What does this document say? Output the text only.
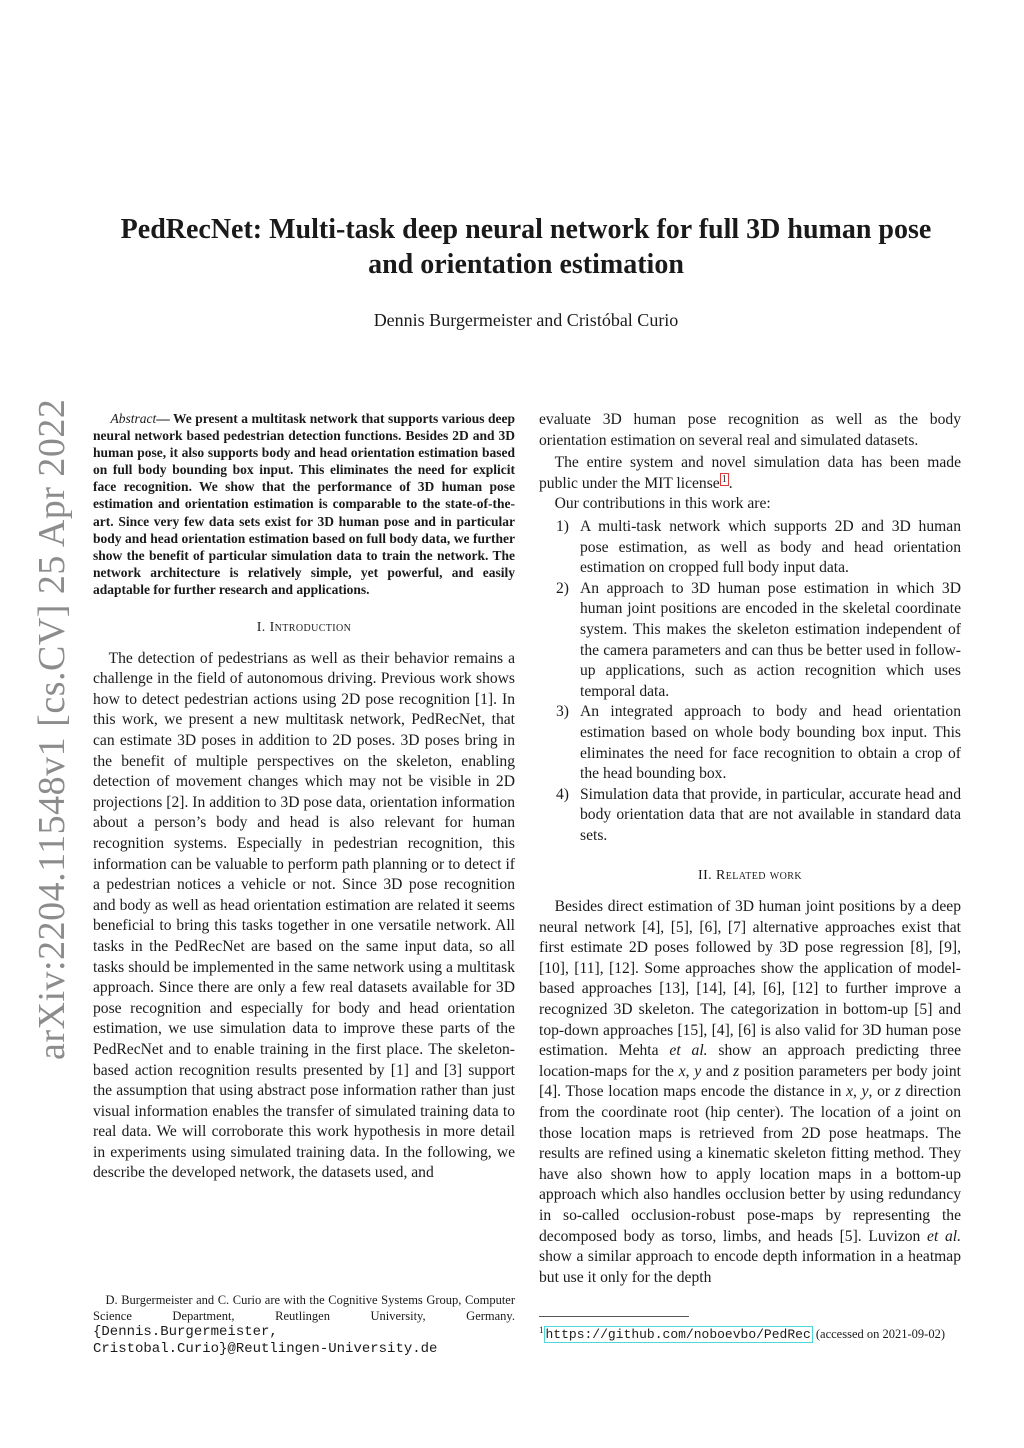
arXiv:2204.11548v1 [cs.CV] 25 Apr 2022
PedRecNet: Multi-task deep neural network for full 3D human pose and orientation estimation
Dennis Burgermeister and Cristóbal Curio

Abstract— We present a multitask network that supports various deep neural network based pedestrian detection functions. Besides 2D and 3D human pose, it also supports body and head orientation estimation based on full body bounding box input. This eliminates the need for explicit face recognition. We show that the performance of 3D human pose estimation and orientation estimation is comparable to the state-of-the-art. Since very few data sets exist for 3D human pose and in particular body and head orientation estimation based on full body data, we further show the benefit of particular simulation data to train the network. The network architecture is relatively simple, yet powerful, and easily adaptable for further research and applications.

I. Introduction

The detection of pedestrians as well as their behavior remains a challenge in the field of autonomous driving. Previous work shows how to detect pedestrian actions using 2D pose recognition [1]. In this work, we present a new multitask network, PedRecNet, that can estimate 3D poses in addition to 2D poses. 3D poses bring in the benefit of multiple perspectives on the skeleton, enabling detection of movement changes which may not be visible in 2D projections [2]. In addition to 3D pose data, orientation information about a person’s body and head is also relevant for human recognition systems. Especially in pedestrian recognition, this information can be valuable to perform path planning or to detect if a pedestrian notices a vehicle or not. Since 3D pose recognition and body as well as head orientation estimation are related it seems beneficial to bring this tasks together in one versatile network. All tasks in the PedRecNet are based on the same input data, so all tasks should be implemented in the same network using a multitask approach. Since there are only a few real datasets available for 3D pose recognition and especially for body and head orientation estimation, we use simulation data to improve these parts of the PedRecNet and to enable training in the first place. The skeleton-based action recognition results presented by [1] and [3] support the assumption that using abstract pose information rather than just visual information enables the transfer of simulated training data to real data. We will corroborate this work hypothesis in more detail in experiments using simulated training data. In the following, we describe the developed network, the datasets used, and

D. Burgermeister and C. Curio are with the Cognitive Systems Group, Computer Science Department, Reutlingen University, Germany. {Dennis.Burgermeister, Cristobal.Curio}@Reutlingen-University.de

evaluate 3D human pose recognition as well as the body orientation estimation on several real and simulated datasets.

The entire system and novel simulation data has been made public under the MIT license $^1$ .

Our contributions in this work are:

1) A multi-task network which supports 2D and 3D human pose estimation, as well as body and head orientation estimation on cropped full body input data.
2) An approach to 3D human pose estimation in which 3D human joint positions are encoded in the skeletal coordinate system. This makes the skeleton estimation independent of the camera parameters and can thus be better used in follow-up applications, such as action recognition which uses temporal data.
3) An integrated approach to body and head orientation estimation based on whole body bounding box input. This eliminates the need for face recognition to obtain a crop of the head bounding box.
4) Simulation data that provide, in particular, accurate head and body orientation data that are not available in standard data sets.
II. Related work

Besides direct estimation of 3D human joint positions by a deep neural network [4], [5], [6], [7] alternative approaches exist that first estimate 2D poses followed by 3D pose regression [8], [9], [10], [11], [12]. Some approaches show the application of model-based approaches [13], [14], [4], [6], [12] to further improve a recognized 3D skeleton. The categorization in bottom-up [5] and top-down approaches [15], [4], [6] is also valid for 3D human pose estimation. Mehta et al. show an approach predicting three location-maps for the x, y and z position parameters per body joint [4]. Those location maps encode the distance in x, y, or z direction from the coordinate root (hip center). The location of a joint on those location maps is retrieved from 2D pose heatmaps. The results are refined using a kinematic skeleton fitting method. They have also shown how to apply location maps in a bottom-up approach which also handles occlusion better by using redundancy in so-called occlusion-robust pose-maps by representing the decomposed body as torso, limbs, and heads [5]. Luvizon et al. show a similar approach to encode depth information in a heatmap but use it only for the depth

$^1$ https://github.com/noboevbo/PedRec (accessed on 2021-09-02)
